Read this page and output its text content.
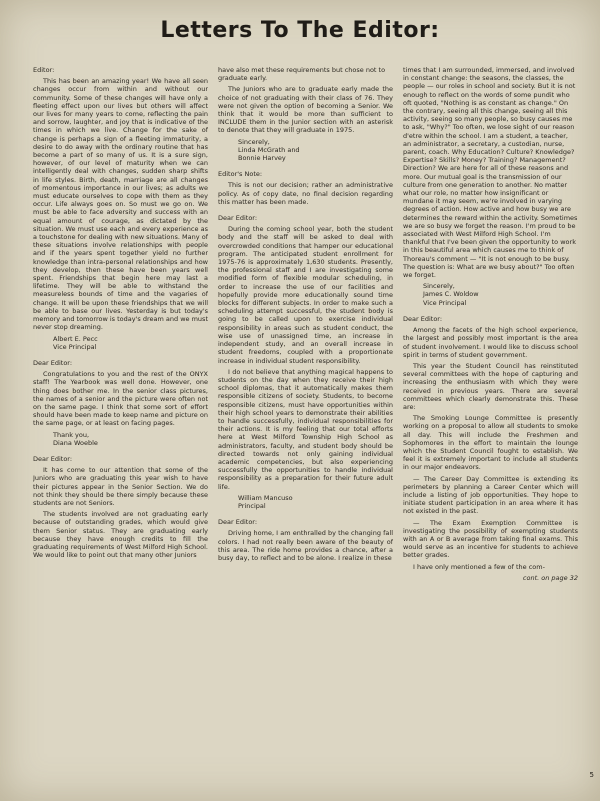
Letters To The Editor:

Editor:

This has been an amazing year! We have all seen changes occur from within and without our community. Some of these changes will have only a fleeting effect upon our lives but others will affect our lives for many years to come, reflecting the pain and sorrow, laughter, and joy that is indicative of the times in which we live. Change for the sake of change is perhaps a sign of a fleeting immaturity, a desire to do away with the ordinary routine that has become a part of so many of us. It is a sure sign, however, of our level of maturity when we can intelligently deal with changes, sudden sharp shifts in life styles. Birth, death, marriage are all changes of momentous importance in our lives; as adults we must educate ourselves to cope with them as they occur. Life always goes on. So must we go on. We must be able to face adversity and success with an equal amount of courage, as dictated by the situation. We must use each and every experience as a touchstone for dealing with new situations. Many of these situations involve relationships with people and if the years spent together yield no further knowledge than intra-personal relationships and how they develop, then these have been years well spent. Friendships that begin here may last a lifetime. They will be able to withstand the measureless bounds of time and the vagaries of change. It will be upon these friendships that we will be able to base our lives. Yesterday is but today's memory and tomorrow is today's dream and we must never stop dreaming.

Albert E. Pecc

Vice Principal

Dear Editor:

Congratulations to you and the rest of the ONYX staff! The Yearbook was well done. However, one thing does bother me. In the senior class pictures, the names of a senior and the picture were often not on the same page. I think that some sort of effort should have been made to keep name and picture on the same page, or at least on facing pages.

Thank you,

Diana Woeble

Dear Editor:

It has come to our attention that some of the Juniors who are graduating this year wish to have their pictures appear in the Senior Section. We do not think they should be there simply because these students are not Seniors.

The students involved are not graduating early because of outstanding grades, which would give them Senior status. They are graduating early because they have enough credits to fill the graduating requirements of West Milford High School. We would like to point out that many other Juniors

have also met these requirements but chose not to graduate early.

The Juniors who are to graduate early made the choice of not graduating with their class of 76. They were not given the option of becoming a Senior. We think that it would be more than sufficient to INCLUDE them in the Junior section with an asterisk to denote that they will graduate in 1975.

Sincerely,

Linda McGrath and

Bonnie Harvey

Editor's Note:

This is not our decision; rather an administrative policy. As of copy date, no final decision regarding this matter has been made.

Dear Editor:

During the coming school year, both the student body and the staff will be asked to deal with overcrowded conditions that hamper our educational program. The anticipated student enrollment for 1975-76 is approximately 1,630 students. Presently, the professional staff and I are investigating some modified form of flexible modular scheduling, in order to increase the use of our facilities and hopefully provide more educationally sound time blocks for different subjects. In order to make such a scheduling attempt successful, the student body is going to be called upon to exercise individual responsibility in areas such as student conduct, the wise use of unassigned time, an increase in independent study, and an overall increase in student freedoms, coupled with a proportionate increase in individual student responsibility.

I do not believe that anything magical happens to students on the day when they receive their high school diplomas, that it automatically makes them responsible citizens of society. Students, to become responsible citizens, must have opportunities within their high school years to demonstrate their abilities to handle successfully, individual responsibilities for their actions. It is my feeling that our total efforts here at West Milford Township High School as administrators, faculty, and student body should be directed towards not only gaining individual academic competencies, but also experiencing successfully the opportunities to handle individual responsibility as a preparation for their future adult life.

William Mancuso

Principal

Dear Editor:

Driving home, I am enthralled by the changing fall colors. I had not really been aware of the beauty of this area. The ride home provides a chance, after a busy day, to reflect and to be alone. I realize in these

times that I am surrounded, immersed, and involved in constant change: the seasons, the classes, the people — our roles in school and society. But it is not enough to reflect on the words of some pundit who oft quoted, "Nothing is as constant as change." On the contrary, seeing all this change, seeing all this activity, seeing so many people, so busy causes me to ask, "Why?" Too often, we lose sight of our reason d'etre within the school. I am a student, a teacher, an administrator, a secretary, a custodian, nurse, parent, coach. Why Education? Culture? Knowledge? Expertise? Skills? Money? Training? Management? Direction? We are here for all of these reasons and more. Our mutual goal is the transmission of our culture from one generation to another. No matter what our role, no matter how insignificant or mundane it may seem, we're involved in varying degrees of action. How active and how busy we are determines the reward within the activity. Sometimes we are so busy we forget the reason. I'm proud to be associated with West Milford High School. I'm thankful that I've been given the opportunity to work in this beautiful area which causes me to think of Thoreau's comment — "It is not enough to be busy. The question is: What are we busy about?" Too often we forget.

Sincerely,

James C. Woldow

Vice Principal

Dear Editor:

Among the facets of the high school experience, the largest and possibly most important is the area of student involvement. I would like to discuss school spirit in terms of student government.

This year the Student Council has reinstituted several committees with the hope of capturing and increasing the enthusiasm with which they were received in previous years. There are several committees which clearly demonstrate this. These are:

The Smoking Lounge Committee is presently working on a proposal to allow all students to smoke all day. This will include the Freshmen and Sophomores in the effort to maintain the lounge which the Student Council fought to establish. We feel it is extremely important to include all students in our major endeavors.

— The Career Day Committee is extending its perimeters by planning a Career Center which will include a listing of job opportunities. They hope to initiate student participation in an area where it has not existed in the past.

— The Exam Exemption Committee is investigating the possibility of exempting students with an A or B average from taking final exams. This would serve as an incentive for students to achieve better grades.

I have only mentioned a few of the com-

cont. on page 32

5
